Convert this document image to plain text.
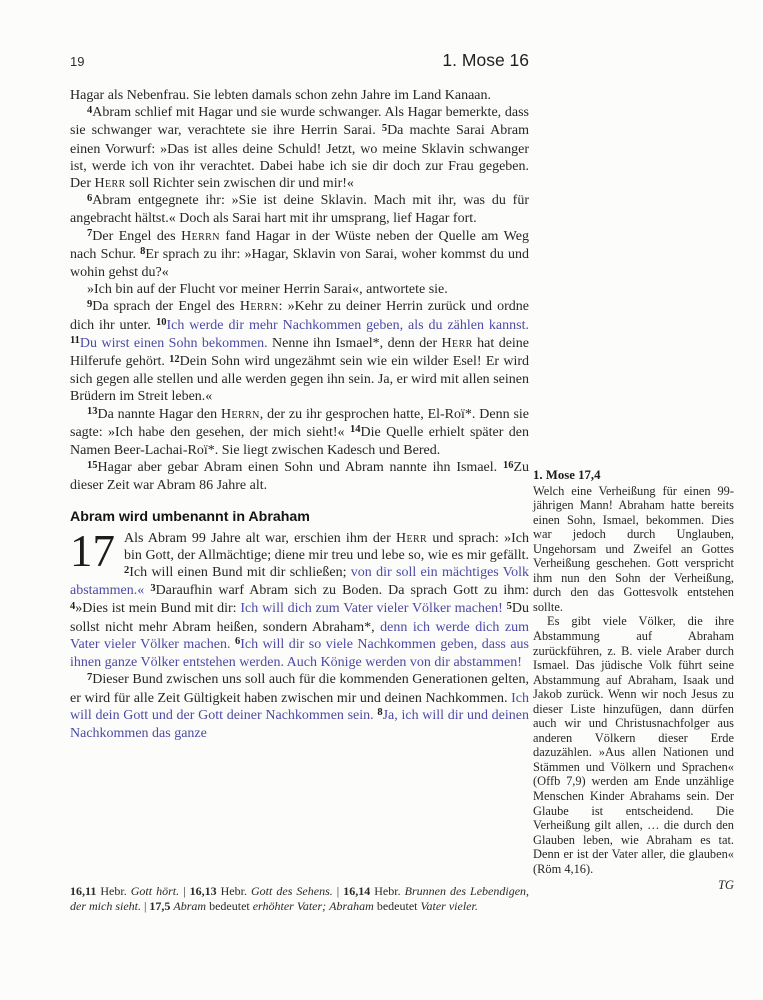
19	1. Mose 16

Hagar als Nebenfrau. Sie lebten damals schon zehn Jahre im Land Kanaan.

$^4$Abram schlief mit Hagar und sie wurde schwanger. Als Hagar bemerkte, dass sie schwanger war, verachtete sie ihre Herrin Sarai. $^5$Da machte Sarai Abram einen Vorwurf: »Das ist alles deine Schuld! Jetzt, wo meine Sklavin schwanger ist, werde ich von ihr verachtet. Dabei habe ich sie dir doch zur Frau gegeben. Der Herr soll Richter sein zwischen dir und mir!«

$^6$Abram entgegnete ihr: »Sie ist deine Sklavin. Mach mit ihr, was du für angebracht hältst.« Doch als Sarai hart mit ihr umsprang, lief Hagar fort.

$^7$Der Engel des Herrn fand Hagar in der Wüste neben der Quelle am Weg nach Schur. $^8$Er sprach zu ihr: »Hagar, Sklavin von Sarai, woher kommst du und wohin gehst du?«

»Ich bin auf der Flucht vor meiner Herrin Sarai«, antwortete sie.

$^9$Da sprach der Engel des Herrn: »Kehr zu deiner Herrin zurück und ordne dich ihr unter. $^{10}$Ich werde dir mehr Nachkommen geben, als du zählen kannst. $^{11}$Du wirst einen Sohn bekommen. Nenne ihn Ismael*, denn der Herr hat deine Hilferufe gehört. $^{12}$Dein Sohn wird ungezähmt sein wie ein wilder Esel! Er wird sich gegen alle stellen und alle werden gegen ihn sein. Ja, er wird mit allen seinen Brüdern im Streit leben.«

$^{13}$Da nannte Hagar den Herrn, der zu ihr gesprochen hatte, El-Roï*. Denn sie sagte: »Ich habe den gesehen, der mich sieht!« $^{14}$Die Quelle erhielt später den Namen Beer-Lachai-Roï*. Sie liegt zwischen Kadesch und Bered.

$^{15}$Hagar aber gebar Abram einen Sohn und Abram nannte ihn Ismael. $^{16}$Zu dieser Zeit war Abram 86 Jahre alt.

Abram wird umbenannt in Abraham

17 Als Abram 99 Jahre alt war, erschien ihm der Herr und sprach: »Ich bin Gott, der Allmächtige; diene mir treu und lebe so, wie es mir gefällt. $^2$Ich will einen Bund mit dir schließen; von dir soll ein mächtiges Volk abstammen.« $^3$Daraufhin warf Abram sich zu Boden. Da sprach Gott zu ihm: $^4$»Dies ist mein Bund mit dir: Ich will dich zum Vater vieler Völker machen! $^5$Du sollst nicht mehr Abram heißen, sondern Abraham*, denn ich werde dich zum Vater vieler Völker machen. $^6$Ich will dir so viele Nachkommen geben, dass aus ihnen ganze Völker entstehen werden. Auch Könige werden von dir abstammen!

$^7$Dieser Bund zwischen uns soll auch für die kommenden Generationen gelten, er wird für alle Zeit Gültigkeit haben zwischen mir und deinen Nachkommen. Ich will dein Gott und der Gott deiner Nachkommen sein. $^8$Ja, ich will dir und deinen Nachkommen das ganze

16,11 Hebr. Gott hört. | 16,13 Hebr. Gott des Sehens. | 16,14 Hebr. Brunnen des Lebendigen, der mich sieht. | 17,5 Abram bedeutet erhöhter Vater; Abraham bedeutet Vater vieler.
1. Mose 17,4

Welch eine Verheißung für einen 99-jährigen Mann! Abraham hatte bereits einen Sohn, Ismael, bekommen. Dies war jedoch durch Unglauben, Ungehorsam und Zweifel an Gottes Verheißung geschehen. Gott verspricht ihm nun den Sohn der Verheißung, durch den das Gottesvolk entstehen sollte.

Es gibt viele Völker, die ihre Abstammung auf Abraham zurückführen, z. B. viele Araber durch Ismael. Das jüdische Volk führt seine Abstammung auf Abraham, Isaak und Jakob zurück. Wenn wir noch Jesus zu dieser Liste hinzufügen, dann dürfen auch wir und Christusnachfolger aus anderen Völkern dieser Erde dazuzählen. »Aus allen Nationen und Stämmen und Völkern und Sprachen« (Offb 7,9) werden am Ende unzählige Menschen Kinder Abrahams sein. Der Glaube ist entscheidend. Die Verheißung gilt allen, … die durch den Glauben leben, wie Abraham es tat. Denn er ist der Vater aller, die glauben« (Röm 4,16).

TG
